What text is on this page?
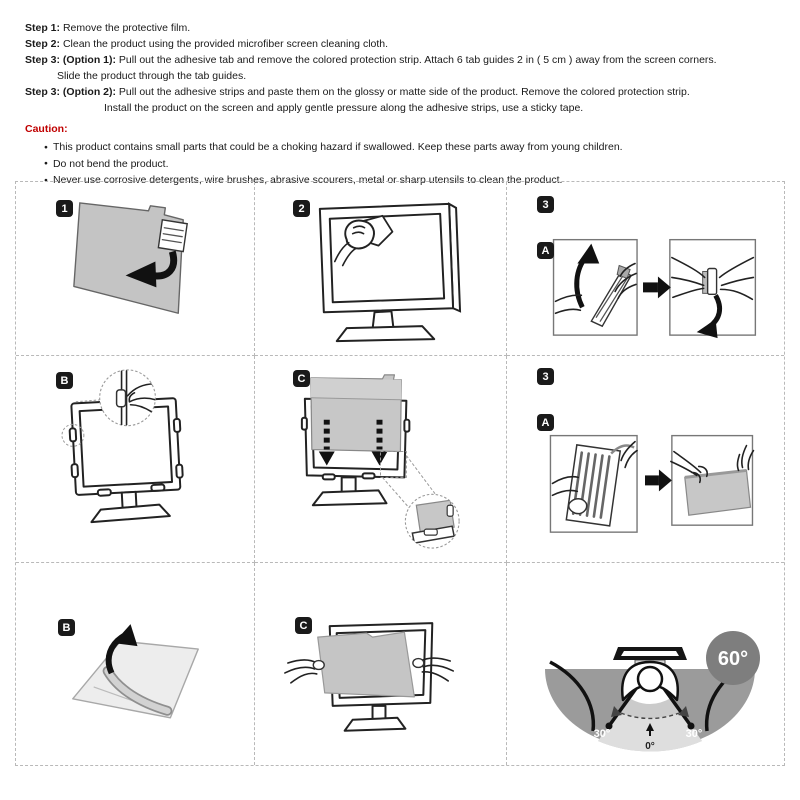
Step 1: Remove the protective film.
Step 2: Clean the product using the provided microfiber screen cleaning cloth.
Step 3: (Option 1): Pull out the adhesive tab and remove the colored protection strip. Attach 6 tab guides 2 in ( 5 cm ) away from the screen corners.
Slide the product through the tab guides.
Step 3: (Option 2): Pull out the adhesive strips and paste them on the glossy or matte side of the product. Remove the colored protection strip.
Install the product on the screen and apply gentle pressure along the adhesive strips, use a sticky tape.
Caution:
● This product contains small parts that could be a choking hazard if swallowed. Keep these parts away from young children.
● Do not bend the product.
● Never use corrosive detergents, wire brushes, abrasive scourers, metal or sharp utensils to clean the product.
1	2	3
A
B	C	3
A
B	C
30°	30°
0°
60°
